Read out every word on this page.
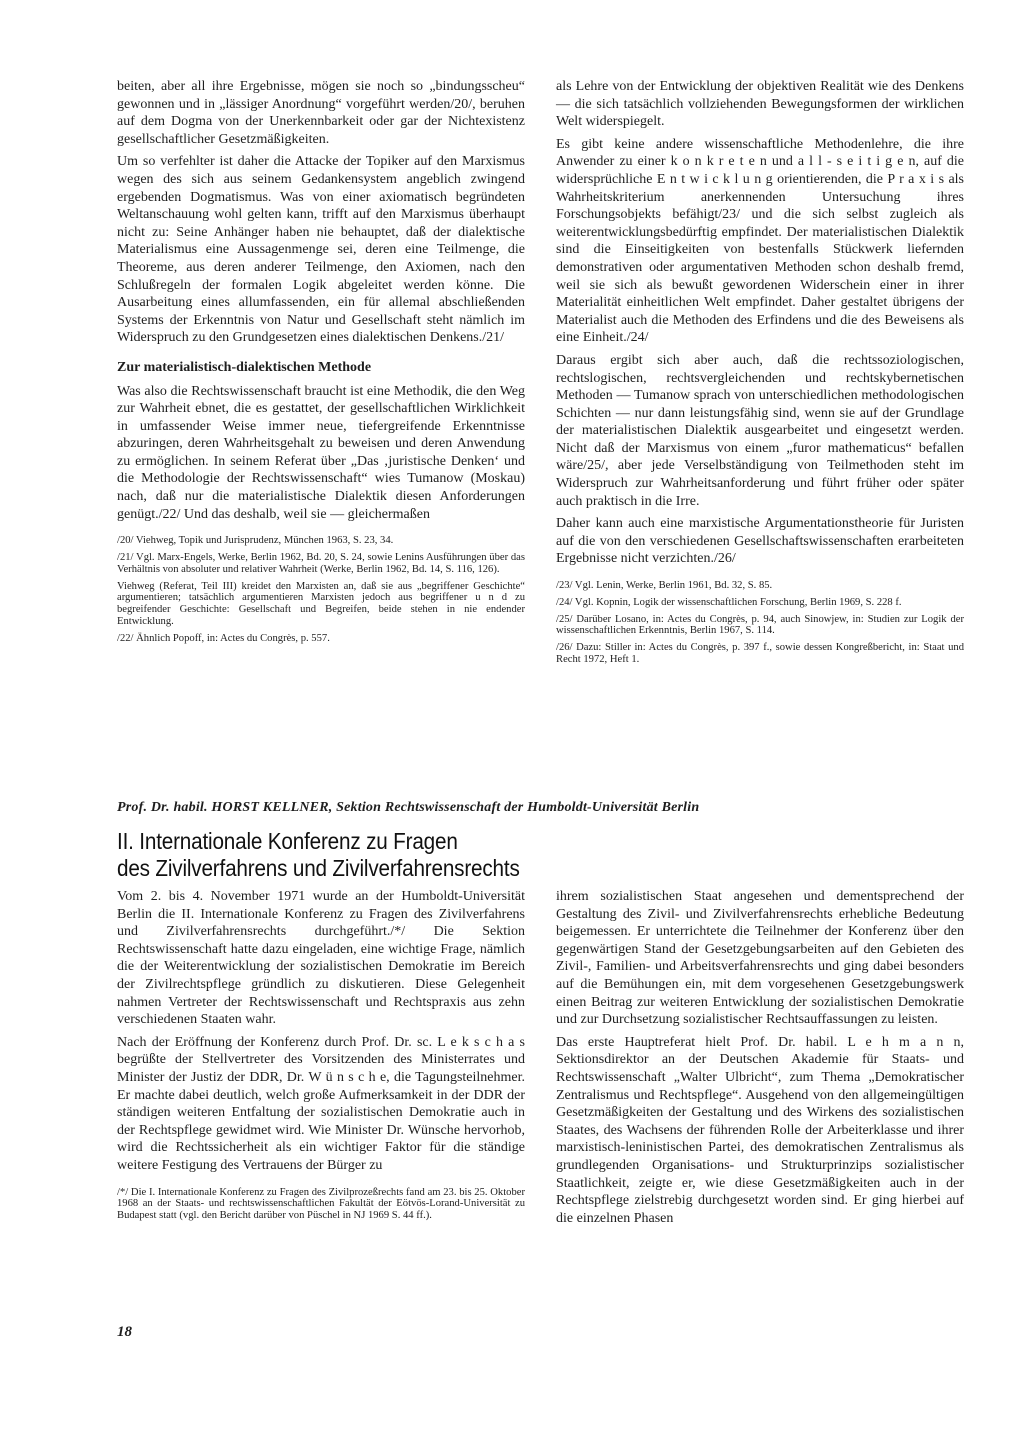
beiten, aber all ihre Ergebnisse, mögen sie noch so „bindungsscheu“ gewonnen und in „lässiger Anordnung“ vorgeführt werden/20/, beruhen auf dem Dogma von der Unerkennbarkeit oder gar der Nichtexistenz gesellschaftlicher Gesetzmäßigkeiten.

Um so verfehlter ist daher die Attacke der Topiker auf den Marxismus wegen des sich aus seinem Gedankensystem angeblich zwingend ergebenden Dogmatismus. Was von einer axiomatisch begründeten Weltanschauung wohl gelten kann, trifft auf den Marxismus überhaupt nicht zu: Seine Anhänger haben nie behauptet, daß der dialektische Materialismus eine Aussagenmenge sei, deren eine Teilmenge, die Theoreme, aus deren anderer Teilmenge, den Axiomen, nach den Schlußregeln der formalen Logik abgeleitet werden könne. Die Ausarbeitung eines allumfassenden, ein für allemal abschließenden Systems der Erkenntnis von Natur und Gesellschaft steht nämlich im Widerspruch zu den Grundgesetzen eines dialektischen Denkens./21/

Zur materialistisch-dialektischen Methode

Was also die Rechtswissenschaft braucht ist eine Methodik, die den Weg zur Wahrheit ebnet, die es gestattet, der gesellschaftlichen Wirklichkeit in umfassender Weise immer neue, tiefergreifende Erkenntnisse abzuringen, deren Wahrheitsgehalt zu beweisen und deren Anwendung zu ermöglichen. In seinem Referat über „Das ‚juristische Denken‘ und die Methodologie der Rechtswissenschaft“ wies Tumanow (Moskau) nach, daß nur die materialistische Dialektik diesen Anforderungen genügt./22/ Und das deshalb, weil sie — gleichermaßen

/20/ Viehweg, Topik und Jurisprudenz, München 1963, S. 23, 34.

/21/ Vgl. Marx-Engels, Werke, Berlin 1962, Bd. 20, S. 24, sowie Lenins Ausführungen über das Verhältnis von absoluter und relativer Wahrheit (Werke, Berlin 1962, Bd. 14, S. 116, 126).

Viehweg (Referat, Teil III) kreidet den Marxisten an, daß sie aus „begriffener Geschichte“ argumentieren; tatsächlich argumentieren Marxisten jedoch aus begriffener u n d zu begreifender Geschichte: Gesellschaft und Begreifen, beide stehen in nie endender Entwicklung.

/22/ Ähnlich Popoff, in: Actes du Congrès, p. 557.

als Lehre von der Entwicklung der objektiven Realität wie des Denkens — die sich tatsächlich vollziehenden Bewegungsformen der wirklichen Welt widerspiegelt.

Es gibt keine andere wissenschaftliche Methodenlehre, die ihre Anwender zu einer k o n k r e t e n und a l l - s e i t i g e n, auf die widersprüchliche E n t w i c k l u n g orientierenden, die P r a x i s als Wahrheitskriterium anerkennenden Untersuchung ihres Forschungsobjekts befähigt/23/ und die sich selbst zugleich als weiterentwicklungsbedürftig empfindet. Der materialistischen Dialektik sind die Einseitigkeiten von bestenfalls Stückwerk liefernden demonstrativen oder argumentativen Methoden schon deshalb fremd, weil sie sich als bewußt gewordenen Widerschein einer in ihrer Materialität einheitlichen Welt empfindet. Daher gestaltet übrigens der Materialist auch die Methoden des Erfindens und die des Beweisens als eine Einheit./24/

Daraus ergibt sich aber auch, daß die rechtssoziologischen, rechtslogischen, rechtsvergleichenden und rechtskybernetischen Methoden — Tumanow sprach von unterschiedlichen methodologischen Schichten — nur dann leistungsfähig sind, wenn sie auf der Grundlage der materialistischen Dialektik ausgearbeitet und eingesetzt werden. Nicht daß der Marxismus von einem „furor mathematicus“ befallen wäre/25/, aber jede Verselbständigung von Teilmethoden steht im Widerspruch zur Wahrheitsanforderung und führt früher oder später auch praktisch in die Irre.

Daher kann auch eine marxistische Argumentationstheorie für Juristen auf die von den verschiedenen Gesellschaftswissenschaften erarbeiteten Ergebnisse nicht verzichten./26/

/23/ Vgl. Lenin, Werke, Berlin 1961, Bd. 32, S. 85.

/24/ Vgl. Kopnin, Logik der wissenschaftlichen Forschung, Berlin 1969, S. 228 f.

/25/ Darüber Losano, in: Actes du Congrès, p. 94, auch Sinowjew, in: Studien zur Logik der wissenschaftlichen Erkenntnis, Berlin 1967, S. 114.

/26/ Dazu: Stiller in: Actes du Congrès, p. 397 f., sowie dessen Kongreßbericht, in: Staat und Recht 1972, Heft 1.

Prof. Dr. habil. HORST KELLNER, Sektion Rechtswissenschaft der Humboldt-Universität Berlin
II. Internationale Konferenz zu Fragen
des Zivilverfahrens und Zivilverfahrensrechts

Vom 2. bis 4. November 1971 wurde an der Humboldt-Universität Berlin die II. Internationale Konferenz zu Fragen des Zivilverfahrens und Zivilverfahrensrechts durchgeführt./*/ Die Sektion Rechtswissenschaft hatte dazu eingeladen, eine wichtige Frage, nämlich die der Weiterentwicklung der sozialistischen Demokratie im Bereich der Zivilrechtspflege gründlich zu diskutieren. Diese Gelegenheit nahmen Vertreter der Rechtswissenschaft und Rechtspraxis aus zehn verschiedenen Staaten wahr.

Nach der Eröffnung der Konferenz durch Prof. Dr. sc. L e k s c h a s begrüßte der Stellvertreter des Vorsitzenden des Ministerrates und Minister der Justiz der DDR, Dr. W ü n s c h e, die Tagungsteilnehmer. Er machte dabei deutlich, welch große Aufmerksamkeit in der DDR der ständigen weiteren Entfaltung der sozialistischen Demokratie auch in der Rechtspflege gewidmet wird. Wie Minister Dr. Wünsche hervorhob, wird die Rechtssicherheit als ein wichtiger Faktor für die ständige weitere Festigung des Vertrauens der Bürger zu

/*/ Die I. Internationale Konferenz zu Fragen des Zivilprozeßrechts fand am 23. bis 25. Oktober 1968 an der Staats- und rechtswissenschaftlichen Fakultät der Eötvös-Lorand-Universität zu Budapest statt (vgl. den Bericht darüber von Püschel in NJ 1969 S. 44 ff.).

ihrem sozialistischen Staat angesehen und dementsprechend der Gestaltung des Zivil- und Zivilverfahrensrechts erhebliche Bedeutung beigemessen. Er unterrichtete die Teilnehmer der Konferenz über den gegenwärtigen Stand der Gesetzgebungsarbeiten auf den Gebieten des Zivil-, Familien- und Arbeitsverfahrensrechts und ging dabei besonders auf die Bemühungen ein, mit dem vorgesehenen Gesetzgebungswerk einen Beitrag zur weiteren Entwicklung der sozialistischen Demokratie und zur Durchsetzung sozialistischer Rechtsauffassungen zu leisten.

Das erste Hauptreferat hielt Prof. Dr. habil. L e h m a n n, Sektionsdirektor an der Deutschen Akademie für Staats- und Rechtswissenschaft „Walter Ulbricht“, zum Thema „Demokratischer Zentralismus und Rechtspflege“. Ausgehend von den allgemeingültigen Gesetzmäßigkeiten der Gestaltung und des Wirkens des sozialistischen Staates, des Wachsens der führenden Rolle der Arbeiterklasse und ihrer marxistisch-leninistischen Partei, des demokratischen Zentralismus als grundlegenden Organisations- und Strukturprinzips sozialistischer Staatlichkeit, zeigte er, wie diese Gesetzmäßigkeiten auch in der Rechtspflege zielstrebig durchgesetzt worden sind. Er ging hierbei auf die einzelnen Phasen

18
